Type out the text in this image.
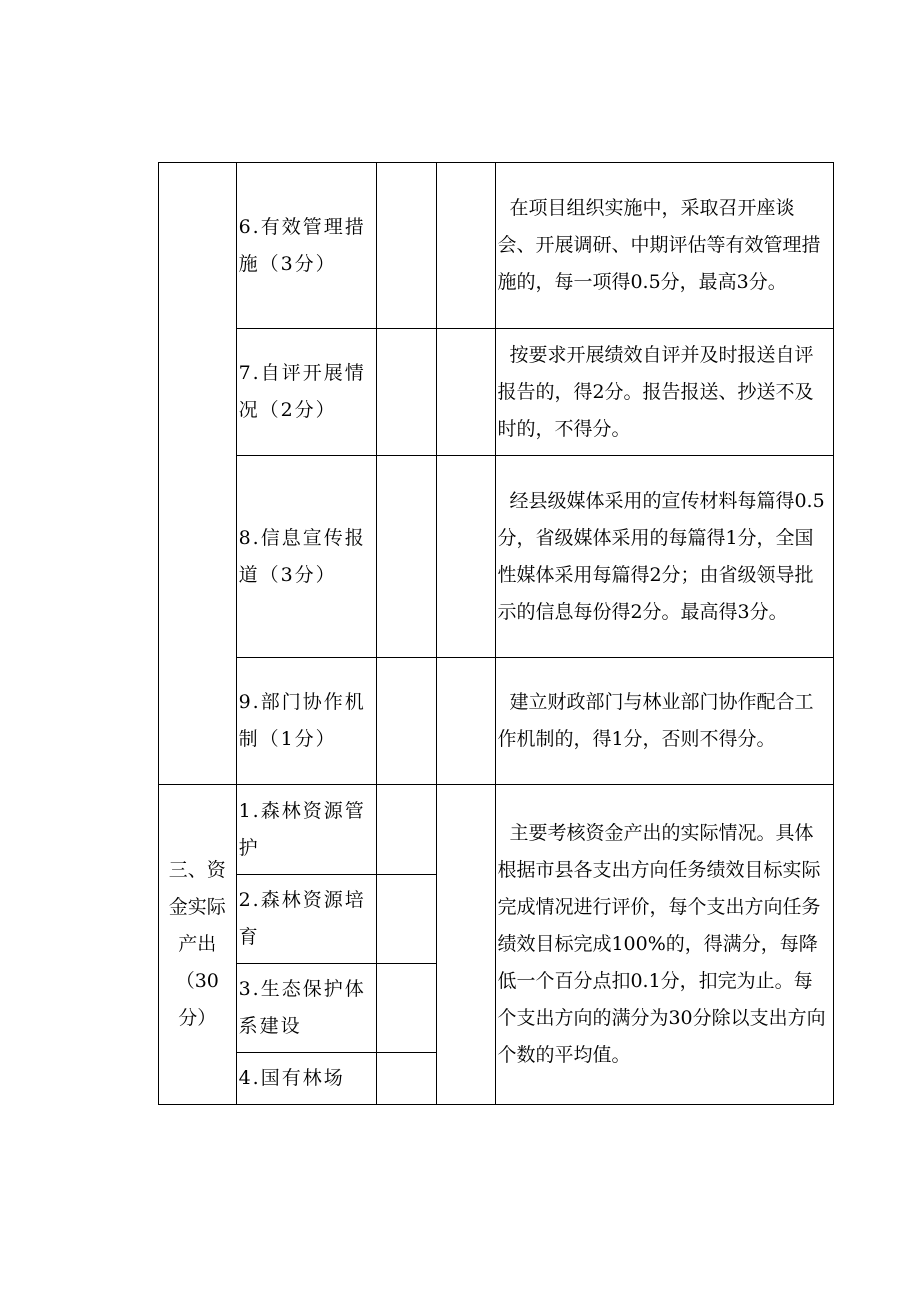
	6.有效管理措施（3分）			在项目组织实施中，采取召开座谈会、开展调研、中期评估等有效管理措施的，每一项得0.5分，最高3分。

	7.自评开展情况（2分）			按要求开展绩效自评并及时报送自评报告的，得2分。报告报送、抄送不及时的，不得分。

	8.信息宣传报道（3分）			经县级媒体采用的宣传材料每篇得0.5分，省级媒体采用的每篇得1分，全国性媒体采用每篇得2分；由省级领导批示的信息每份得2分。最高得3分。

	9.部门协作机制（1分）			建立财政部门与林业部门协作配合工作机制的，得1分，否则不得分。

三、资金实际产出（30分）	1.森林资源管护			主要考核资金产出的实际情况。具体根据市县各支出方向任务绩效目标实际完成情况进行评价，每个支出方向任务绩效目标完成100%的，得满分，每降低一个百分点扣0.1分，扣完为止。每个支出方向的满分为30分除以支出方向个数的平均值。

	2.森林资源培育			

	3.生态保护体系建设			

	4.国有林场			
